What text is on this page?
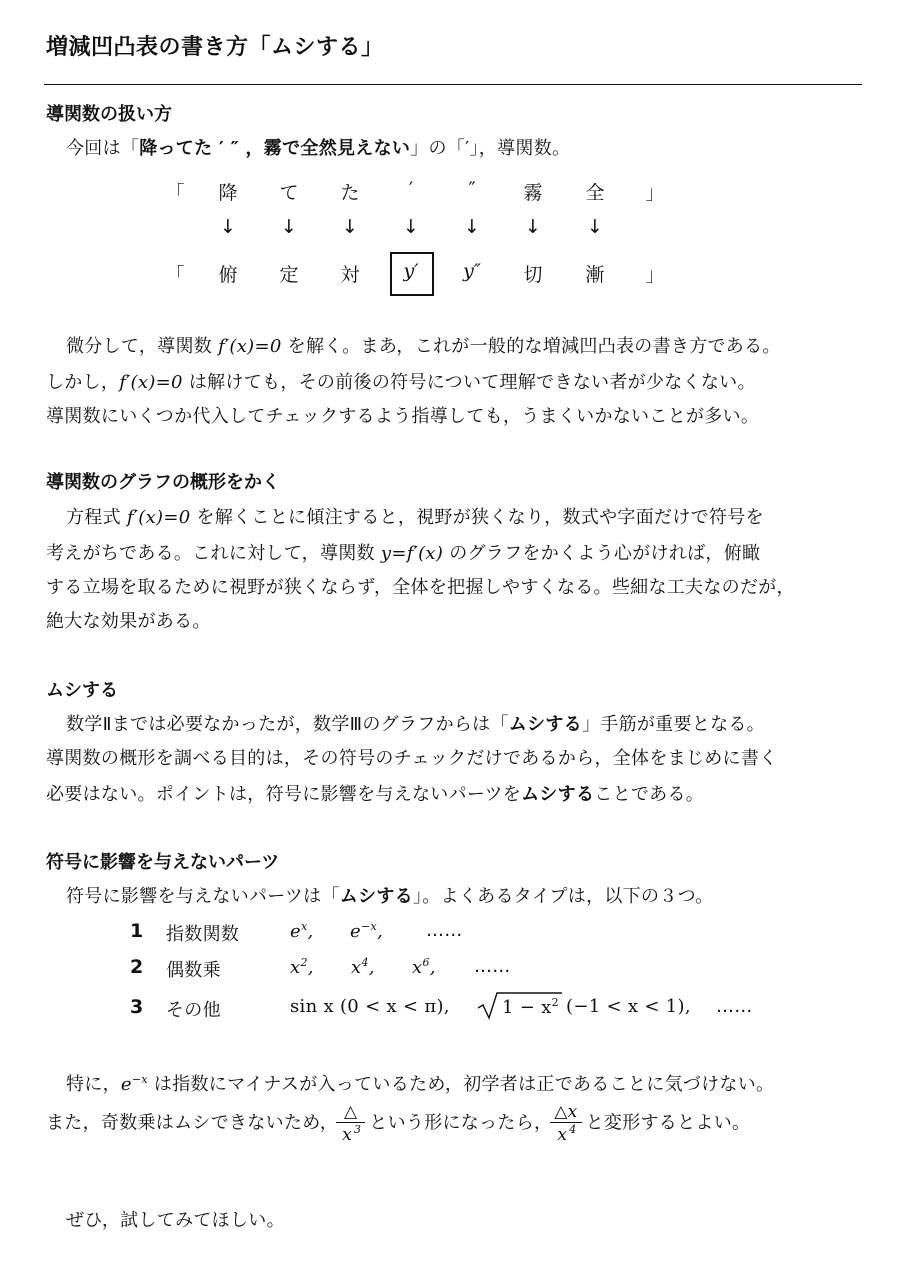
増減凹凸表の書き方「ムシする」
導関数の扱い方
今回は「降ってた ′ ″ ，霧で全然見えない」の「′」，導関数。
「 降 て た	′	″	霧 全 」
↓	↓	↓	↓	↓	↓	↓
「 俯 定 対	y′	y″	切 漸 」
微分して，導関数 f′(x)=0 を解く。まあ，これが一般的な増減凹凸表の書き方である。
しかし，f′(x)=0 は解けても，その前後の符号について理解できない者が少なくない。
導関数にいくつか代入してチェックするよう指導しても，うまくいかないことが多い。
導関数のグラフの概形をかく
方程式 f′(x)=0 を解くことに傾注すると，視野が狭くなり，数式や字面だけで符号を
考えがちである。これに対して，導関数 y=f′(x) のグラフをかくよう心がければ，俯瞰
する立場を取るために視野が狭くならず，全体を把握しやすくなる。些細な工夫なのだが，
絶大な効果がある。
ムシする
数学Ⅱまでは必要なかったが，数学Ⅲのグラフからは「ムシする」手筋が重要となる。
導関数の概形を調べる目的は，その符号のチェックだけであるから，全体をまじめに書く
必要はない。ポイントは，符号に影響を与えないパーツをムシすることである。
符号に影響を与えないパーツ
符号に影響を与えないパーツは「ムシする」。よくあるタイプは，以下の３つ。
1 指数関数	$e^x$, $e^{-x}$, ……
2 偶数乗	$x^2$, $x^4$, $x^6$, ……
3 その他	sin x (0 < x < π),	$1 - x^2$ (−1 < x < 1), ……
特に，$e^{-x}$ は指数にマイナスが入っているため，初学者は正であることに気づけない。
また，奇数乗はムシできないため， $\frac{\triangle}{x ^3}$ という形になったら， $\frac{\triangle x}{x ^4}$ と変形するとよい。
ぜひ，試してみてほしい。
